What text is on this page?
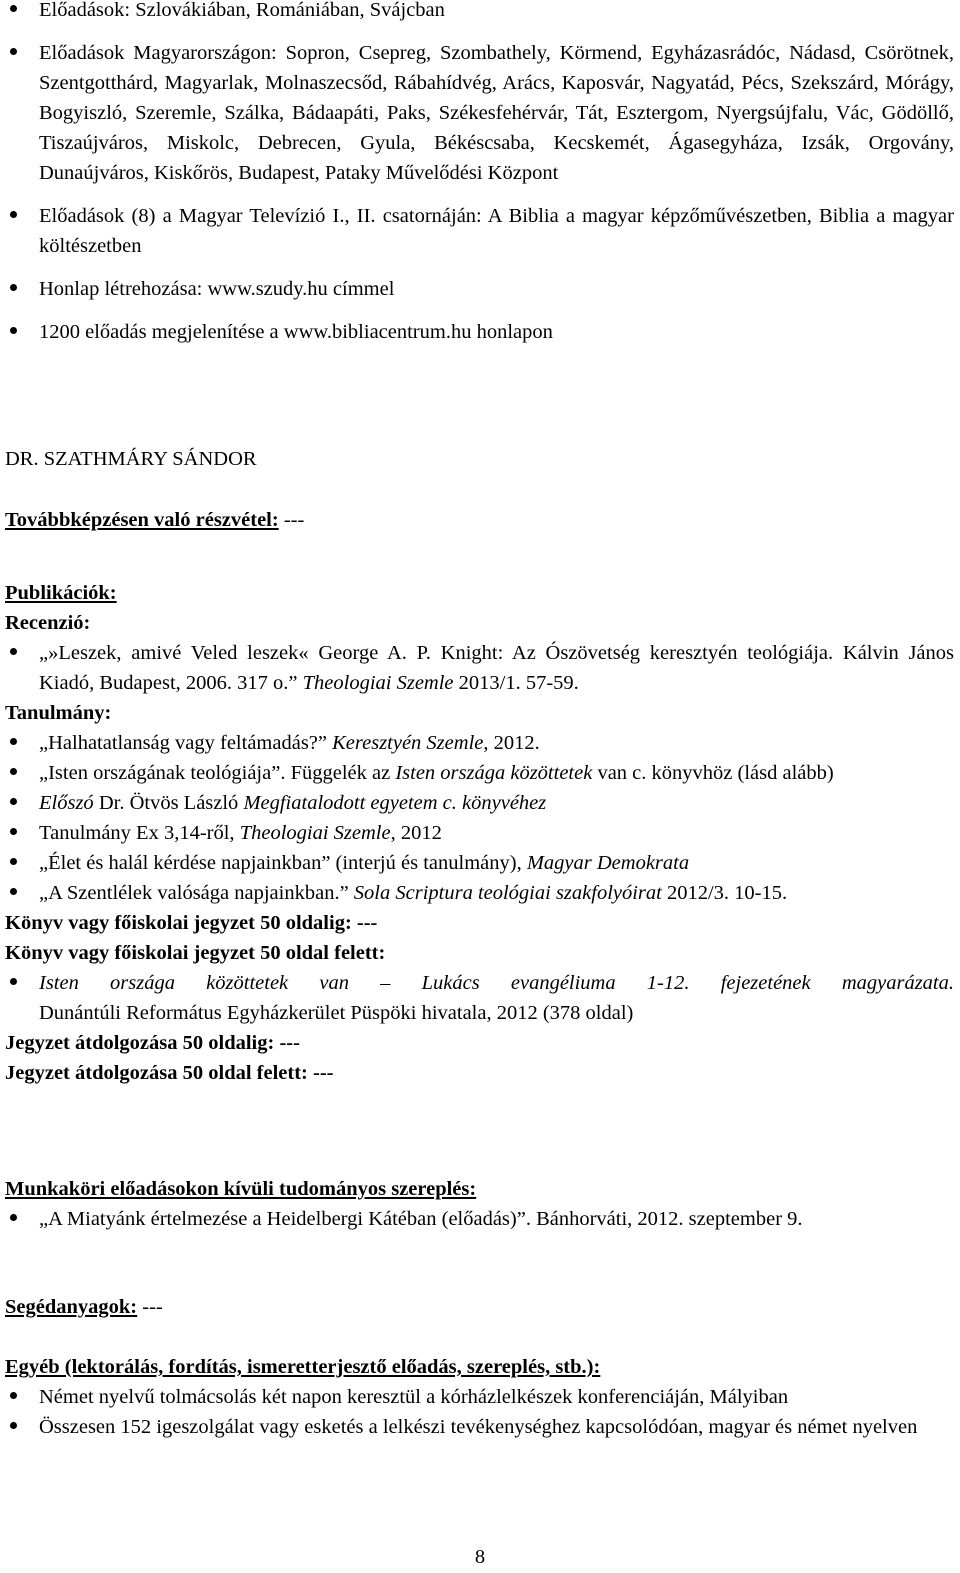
Előadások: Szlovákiában, Romániában, Svájcban
Előadások Magyarországon: Sopron, Csepreg, Szombathely, Körmend, Egyházasrádóc, Nádasd, Csörötnek, Szentgotthárd, Magyarlak, Molnaszecsőd, Rábahídvég, Arács, Kaposvár, Nagyatád, Pécs, Szekszárd, Mórágy, Bogyiszló, Szeremle, Szálka, Bádaapáti, Paks, Székesfehérvár, Tát, Esztergom, Nyergsújfalu, Vác, Gödöllő, Tiszaújváros, Miskolc, Debrecen, Gyula, Békéscsaba, Kecskemét, Ágasegyháza, Izsák, Orgovány, Dunaújváros, Kiskőrös, Budapest, Pataky Művelődési Központ
Előadások (8) a Magyar Televízió I., II. csatornáján: A Biblia a magyar képzőművészetben, Biblia a magyar költészetben
Honlap létrehozása: www.szudy.hu címmel
1200 előadás megjelenítése a www.bibliacentrum.hu honlapon
DR. SZATHMÁRY SÁNDOR
Továbbképzésen való részvétel: ---
Publikációk:
Recenzió:
„»Leszek, amivé Veled leszek« George A. P. Knight: Az Ószövetség keresztyén teológiája. Kálvin János Kiadó, Budapest, 2006. 317 o.” Theologiai Szemle 2013/1. 57-59.
Tanulmány:
„Halhatatlanság vagy feltámadás?” Keresztyén Szemle, 2012.
„Isten országának teológiája”. Függelék az Isten országa közöttetek van c. könyvhöz (lásd alább)
Előszó Dr. Ötvös László Megfiatalodott egyetem c. könyvéhez
Tanulmány Ex 3,14-ről, Theologiai Szemle, 2012
„Élet és halál kérdése napjainkban” (interjú és tanulmány), Magyar Demokrata
„A Szentlélek valósága napjainkban.” Sola Scriptura teológiai szakfolyóirat 2012/3. 10-15.
Könyv vagy főiskolai jegyzet 50 oldalig: ---
Könyv vagy főiskolai jegyzet 50 oldal felett:
Isten országa közöttetek van – Lukács evangéliuma 1-12. fejezetének magyarázata.
Dunántúli Református Egyházkerület Püspöki hivatala, 2012 (378 oldal)
Jegyzet átdolgozása 50 oldalig: ---
Jegyzet átdolgozása 50 oldal felett: ---
Munkaköri előadásokon kívüli tudományos szereplés:
„A Miatyánk értelmezése a Heidelbergi Kátéban (előadás)”. Bánhorváti, 2012. szeptember 9.
Segédanyagok: ---
Egyéb (lektorálás, fordítás, ismeretterjesztő előadás, szereplés, stb.):
Német nyelvű tolmácsolás két napon keresztül a kórházlelkészek konferenciáján, Mályiban
Összesen 152 igeszolgálat vagy esketés a lelkészi tevékenységhez kapcsolódóan, magyar és német nyelven
8
